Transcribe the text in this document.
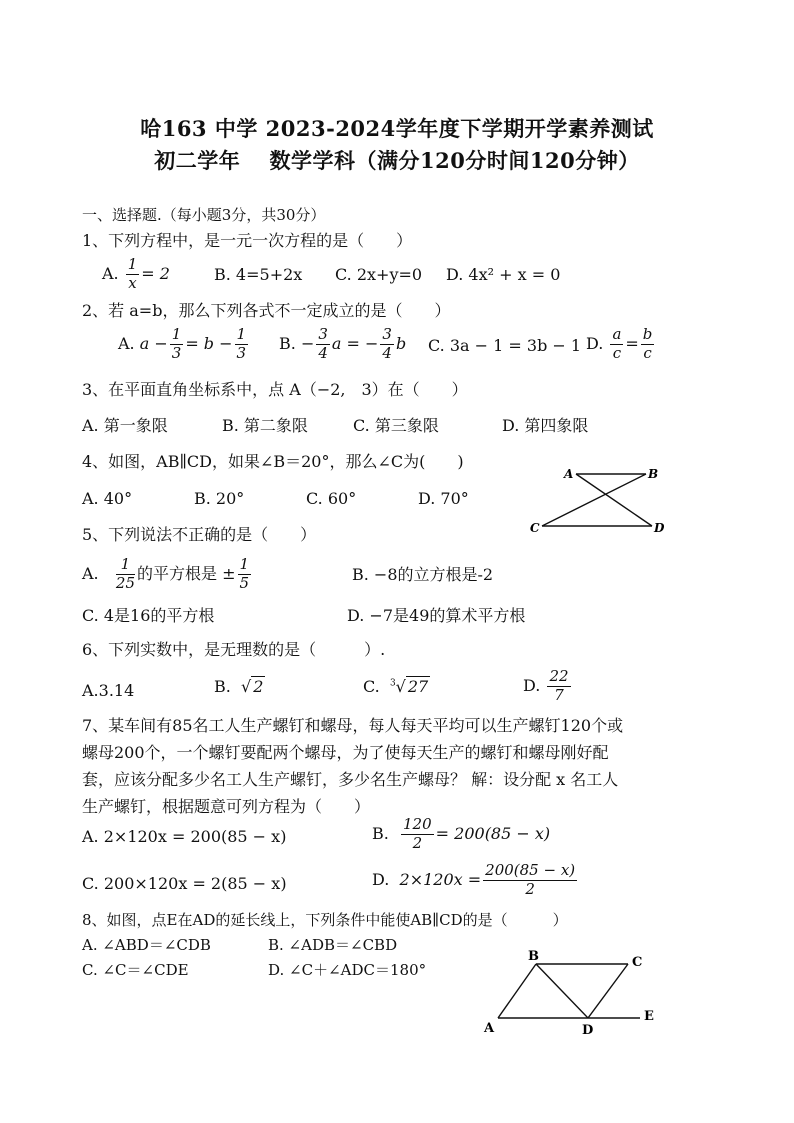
哈163 中学 2023-2024学年度下学期开学素养测试
初二学年　 数学学科（满分120分时间120分钟）
一、选择题.（每小题3分，共30分）
1、下列方程中，是一元一次方程的是（　　）
A.
$\frac{1}{x} = 2$	B. 4=5+2x C. 2x+y=0 D. 4x² + x = 0
2、若 a=b，那么下列各式不一定成立的是（　　）
A.
$a - \frac{1}{3} = b - \frac{1}{3} B$.
− $\frac{3}{4}$ a = − $\frac{3}{4}$ b C. 3a − 1 = 3b − 1 D.
$\frac{a}{c} = \frac{b}{c}$
3、在平面直角坐标系中，点 A（−2,　3）在（　　）
A. 第一象限	B. 第二象限	C. 第三象限	D. 第四象限
4、如图，AB∥CD，如果∠B＝20°，那么∠C为(　　)
A. 40°	B. 20°	C. 60°	D. 70°
A	B
C	D
5、下列说法不正确的是（　　）
A.
$\frac{1}{25}$ 的平方根是 ± $\frac{1}{5}$	B. −8的立方根是-2
C. 4是16的平方根	D. −7是49的算术平方根
6、下列实数中，是无理数的是（　　　）.
A.3.14	B.
√ 2	C.
$^3$√ 27	D.
$\frac{22}{7}$
7、某车间有85名工人生产螺钉和螺母，每人每天平均可以生产螺钉120个或
螺母200个，一个螺钉要配两个螺母，为了使每天生产的螺钉和螺母刚好配
套，应该分配多少名工人生产螺钉，多少名生产螺母？ 解：设分配 x 名工人
生产螺钉，根据题意可列方程为（　　）
A. 2×120x = 200(85 − x)	B.
$\frac{120}{2} = 200(85 - x)$
C. 200×120x = 2(85 − x)	D.
$2\times 120x = \frac{200(85 - x)}{2}$
8、如图，点E在AD的延长线上，下列条件中能使AB∥CD的是（　　　）
A. ∠ABD＝∠CDB	B. ∠ADB＝∠CBD
C. ∠C＝∠CDE	D. ∠C＋∠ADC＝180°
A
B	C
D
E
